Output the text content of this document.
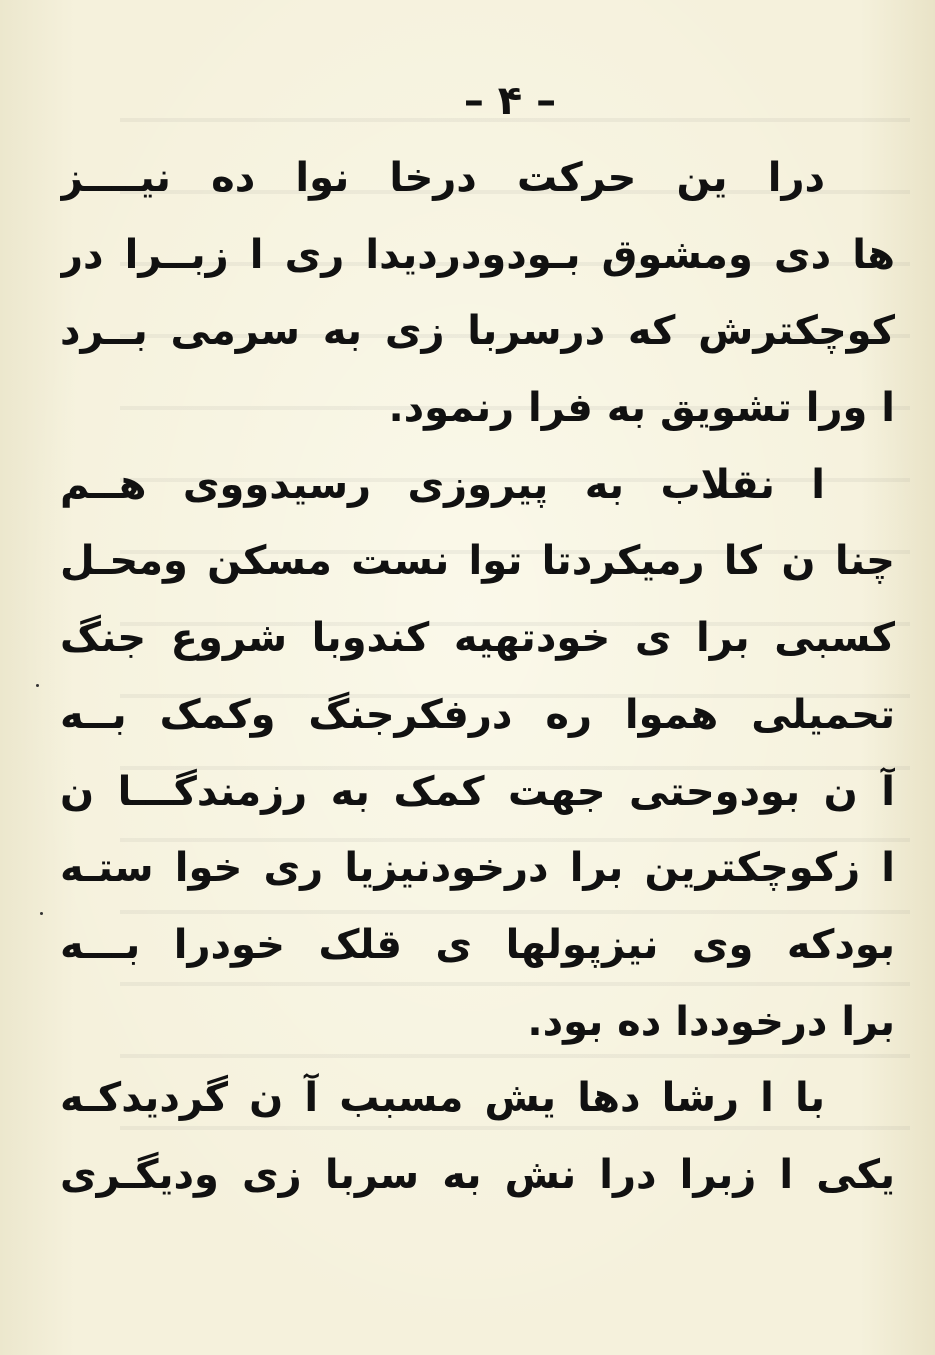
– ۴ –
درا ین حرکت درخا نوا ده نیــــز
ها دی ومشوق بـودودردیدا ری ا زبــرا در
کوچکترش که درسربا زی به سرمی بــرد
ا ورا تشویق به فرا رنمود.
ا نقلاب به پیروزی رسیدووی هــم
چنا ن کا رمیکردتا توا نست مسکن ومحـل
کسبی برا ی خودتهیه کندوبا شروع جنگ
تحمیلی هموا ره درفکرجنگ وکمک بــه
آ ن بودوحتی جهت کمک به رزمندگـــا ن
ا زکوچکترین برا درخودنیزیا ری خوا ستـه
بودکه وی نیزپولها ی قلک خودرا بـــه
برا درخوددا ده بود.
با ا رشا دها یش مسبب آ ن گردیدکـه
یکی ا زبرا درا نش به سربا زی ودیگـری
